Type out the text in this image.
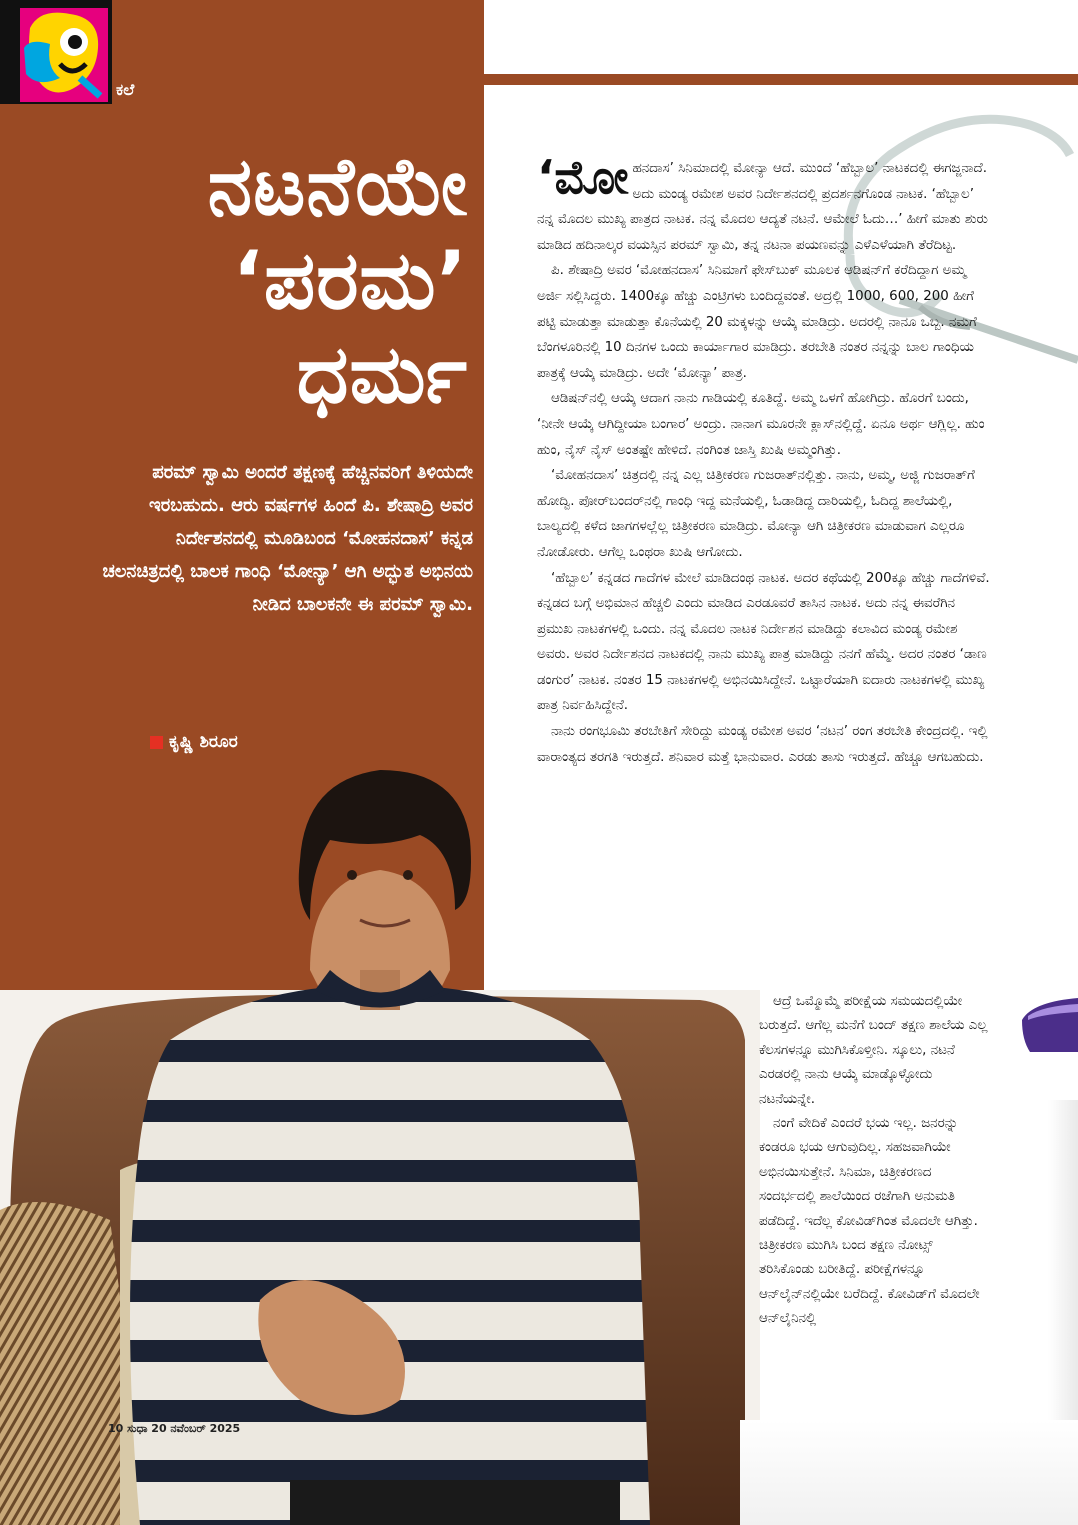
ಕಲೆ
ನಟನೆಯೇ
‘ಪರಮ’
ಧರ್ಮ
ಪರಮ್ ಸ್ವಾಮಿ ಅಂದರೆ ತಕ್ಷಣಕ್ಕೆ ಹೆಚ್ಚಿನವರಿಗೆ ತಿಳಿಯದೇ ಇರಬಹುದು. ಆರು ವರ್ಷಗಳ ಹಿಂದೆ ಪಿ. ಶೇಷಾದ್ರಿ ಅವರ ನಿರ್ದೇಶನದಲ್ಲಿ ಮೂಡಿಬಂದ ‘ಮೋಹನದಾಸ’ ಕನ್ನಡ ಚಲನಚಿತ್ರದಲ್ಲಿ ಬಾಲಕ ಗಾಂಧಿ ‘ಮೋನ್ಯಾ’ ಆಗಿ ಅದ್ಭುತ ಅಭಿನಯ ನೀಡಿದ ಬಾಲಕನೇ ಈ ಪರಮ್ ಸ್ವಾಮಿ.
ಕೃಷ್ಣಿ ಶಿರೂರ

‘ಮೋಹನದಾಸ’ ಸಿನಿಮಾದಲ್ಲಿ ಮೋನ್ಯಾ ಆದೆ. ಮುಂದೆ ‘ಹೆಬ್ಬಾಲ’ ನಾಟಕದಲ್ಲಿ ಈಗಜ್ಜನಾದೆ. ಅದು ಮಂಡ್ಯ ರಮೇಶ ಅವರ ನಿರ್ದೇಶನದಲ್ಲಿ ಪ್ರದರ್ಶನಗೊಂಡ ನಾಟಕ. ‘ಹೆಬ್ಬಾಲ’ ನನ್ನ ಮೊದಲ ಮುಖ್ಯ ಪಾತ್ರದ ನಾಟಕ. ನನ್ನ ಮೊದಲ ಆದ್ಯತೆ ನಟನೆ. ಆಮೇಲೆ ಓದು…’ ಹೀಗೆ ಮಾತು ಶುರು ಮಾಡಿದ ಹದಿನಾಲ್ಕರ ವಯಸ್ಸಿನ ಪರಮ್ ಸ್ವಾಮಿ, ತನ್ನ ನಟನಾ ಪಯಣವನ್ನು ಎಳೆಎಳೆಯಾಗಿ ತೆರೆದಿಟ್ಟ.

ಪಿ. ಶೇಷಾದ್ರಿ ಅವರ ‘ಮೋಹನದಾಸ’ ಸಿನಿಮಾಗೆ ಫೇಸ್‌ಬುಕ್ ಮೂಲಕ ಆಡಿಷನ್‌ಗೆ ಕರೆದಿದ್ದಾಗ ಅಮ್ಮ ಅರ್ಜಿ ಸಲ್ಲಿಸಿದ್ದರು. 1400ಕ್ಕೂ ಹೆಚ್ಚು ಎಂಟ್ರಿಗಳು ಬಂದಿದ್ದವಂತೆ. ಅದ್ರಲ್ಲಿ 1000, 600, 200 ಹೀಗೆ ಪಟ್ಟಿ ಮಾಡುತ್ತಾ ಮಾಡುತ್ತಾ ಕೊನೆಯಲ್ಲಿ 20 ಮಕ್ಕಳನ್ನು ಆಯ್ಕೆ ಮಾಡಿದ್ರು. ಅದರಲ್ಲಿ ನಾನೂ ಒಬ್ಬ. ನಮಗೆ ಬೆಂಗಳೂರಿನಲ್ಲಿ 10 ದಿನಗಳ ಒಂದು ಕಾರ್ಯಾಗಾರ ಮಾಡಿದ್ರು. ತರಬೇತಿ ನಂತರ ನನ್ನನ್ನು ಬಾಲ ಗಾಂಧಿಯ ಪಾತ್ರಕ್ಕೆ ಆಯ್ಕೆ ಮಾಡಿದ್ರು. ಅದೇ ‘ಮೋನ್ಯಾ’ ಪಾತ್ರ.

ಆಡಿಷನ್‌ನಲ್ಲಿ ಆಯ್ಕೆ ಆದಾಗ ನಾನು ಗಾಡಿಯಲ್ಲಿ ಕೂತಿದ್ದೆ. ಅಮ್ಮ ಒಳಗೆ ಹೋಗಿದ್ರು. ಹೊರಗೆ ಬಂದು, ‘ನೀನೇ ಆಯ್ಕೆ ಆಗಿದ್ದೀಯಾ ಬಂಗಾರ’ ಅಂದ್ರು. ನಾನಾಗ ಮೂರನೇ ಕ್ಲಾಸ್‌ನಲ್ಲಿದ್ದೆ. ಏನೂ ಅರ್ಥ ಆಗ್ಲಿಲ್ಲ. ಹುಂ ಹುಂ, ನೈಸ್ ನೈಸ್ ಅಂತಷ್ಟೇ ಹೇಳಿದೆ. ನಂಗಿಂತ ಜಾಸ್ತಿ ಖುಷಿ ಅಮ್ಮಂಗಿತ್ತು.

‘ಮೋಹನದಾಸ’ ಚಿತ್ರದಲ್ಲಿ ನನ್ನ ಎಲ್ಲ ಚಿತ್ರೀಕರಣ ಗುಜರಾತ್‌ನಲ್ಲಿತ್ತು. ನಾನು, ಅಮ್ಮ, ಅಜ್ಜಿ ಗುಜರಾತ್‌ಗೆ ಹೋದ್ವಿ. ಪೋರ್‌ಬಂದರ್‌ನಲ್ಲಿ ಗಾಂಧಿ ಇದ್ದ ಮನೆಯಲ್ಲಿ, ಓಡಾಡಿದ್ದ ದಾರಿಯಲ್ಲಿ, ಓದಿದ್ದ ಶಾಲೆಯಲ್ಲಿ, ಬಾಲ್ಯದಲ್ಲಿ ಕಳೆದ ಜಾಗಗಳಲ್ಲೆಲ್ಲ ಚಿತ್ರೀಕರಣ ಮಾಡಿದ್ರು. ಮೋನ್ಯಾ ಆಗಿ ಚಿತ್ರೀಕರಣ ಮಾಡುವಾಗ ಎಲ್ಲರೂ ನೋಡೋರು. ಆಗೆಲ್ಲ ಒಂಥರಾ ಖುಷಿ ಆಗೋದು.

‘ಹೆಬ್ಬಾಲ’ ಕನ್ನಡದ ಗಾದೆಗಳ ಮೇಲೆ ಮಾಡಿದಂಥ ನಾಟಕ. ಅದರ ಕಥೆಯಲ್ಲಿ 200ಕ್ಕೂ ಹೆಚ್ಚು ಗಾದೆಗಳಿವೆ. ಕನ್ನಡದ ಬಗ್ಗೆ ಅಭಿಮಾನ ಹೆಚ್ಚಲಿ ಎಂದು ಮಾಡಿದ ಎರಡೂವರೆ ತಾಸಿನ ನಾಟಕ. ಅದು ನನ್ನ ಈವರೆಗಿನ ಪ್ರಮುಖ ನಾಟಕಗಳಲ್ಲಿ ಒಂದು. ನನ್ನ ಮೊದಲ ನಾಟಕ ನಿರ್ದೇಶನ ಮಾಡಿದ್ದು ಕಲಾವಿದ ಮಂಡ್ಯ ರಮೇಶ ಅವರು. ಅವರ ನಿರ್ದೇಶನದ ನಾಟಕದಲ್ಲಿ ನಾನು ಮುಖ್ಯ ಪಾತ್ರ ಮಾಡಿದ್ದು ನನಗೆ ಹೆಮ್ಮೆ. ಅದರ ನಂತರ ‘ಡಾಣ ಡಂಗುರ’ ನಾಟಕ. ನಂತರ 15 ನಾಟಕಗಳಲ್ಲಿ ಅಭಿನಯಿಸಿದ್ದೇನೆ. ಒಟ್ಟಾರೆಯಾಗಿ ಐದಾರು ನಾಟಕಗಳಲ್ಲಿ ಮುಖ್ಯ ಪಾತ್ರ ನಿರ್ವಹಿಸಿದ್ದೇನೆ.

ನಾನು ರಂಗಭೂಮಿ ತರಬೇತಿಗೆ ಸೇರಿದ್ದು ಮಂಡ್ಯ ರಮೇಶ ಅವರ ‘ನಟನ’ ರಂಗ ತರಬೇತಿ ಕೇಂದ್ರದಲ್ಲಿ. ಇಲ್ಲಿ ವಾರಾಂತ್ಯದ ತರಗತಿ ಇರುತ್ತದೆ. ಶನಿವಾರ ಮತ್ತೆ ಭಾನುವಾರ. ಎರಡು ತಾಸು ಇರುತ್ತದೆ. ಹೆಚ್ಚೂ ಆಗಬಹುದು.

ಆದ್ರೆ ಒಮ್ಮೊಮ್ಮೆ ಪರೀಕ್ಷೆಯ ಸಮಯದಲ್ಲಿಯೇ ಬರುತ್ತದೆ. ಆಗೆಲ್ಲ ಮನೆಗೆ ಬಂದ್ ತಕ್ಷಣ ಶಾಲೆಯ ಎಲ್ಲ ಕೆಲಸಗಳನ್ನೂ ಮುಗಿಸಿಕೊಳ್ತೀನಿ. ಸ್ಕೂಲು, ನಟನೆ ಎರಡರಲ್ಲಿ ನಾನು ಆಯ್ಕೆ ಮಾಡ್ಕೊಳ್ಳೋದು ನಟನೆಯನ್ನೇ.

ನಂಗೆ ವೇದಿಕೆ ಎಂದರೆ ಭಯ ಇಲ್ಲ. ಜನರನ್ನು ಕಂಡರೂ ಭಯ ಆಗುವುದಿಲ್ಲ. ಸಹಜವಾಗಿಯೇ ಅಭಿನಯಿಸುತ್ತೇನೆ. ಸಿನಿಮಾ, ಚಿತ್ರೀಕರಣದ ಸಂದರ್ಭದಲ್ಲಿ ಶಾಲೆಯಿಂದ ರಜೆಗಾಗಿ ಅನುಮತಿ ಪಡೆದಿದ್ದೆ. ಇದೆಲ್ಲ ಕೋವಿಡ್‌ಗಿಂತ ಮೊದಲೇ ಆಗಿತ್ತು. ಚಿತ್ರೀಕರಣ ಮುಗಿಸಿ ಬಂದ ತಕ್ಷಣ ನೋಟ್ಸ್ ತರಿಸಿಕೊಂಡು ಬರೀತಿದ್ದೆ. ಪರೀಕ್ಷೆಗಳನ್ನೂ ಆನ್‌ಲೈನ್‌ನಲ್ಲಿಯೇ ಬರೆದಿದ್ದೆ. ಕೋವಿಡ್‌ಗೆ ಮೊದಲೇ ಆನ್‌ಲೈನಿನಲ್ಲಿ

10 ಸುಧಾ 20 ನವೆಂಬರ್ 2025
